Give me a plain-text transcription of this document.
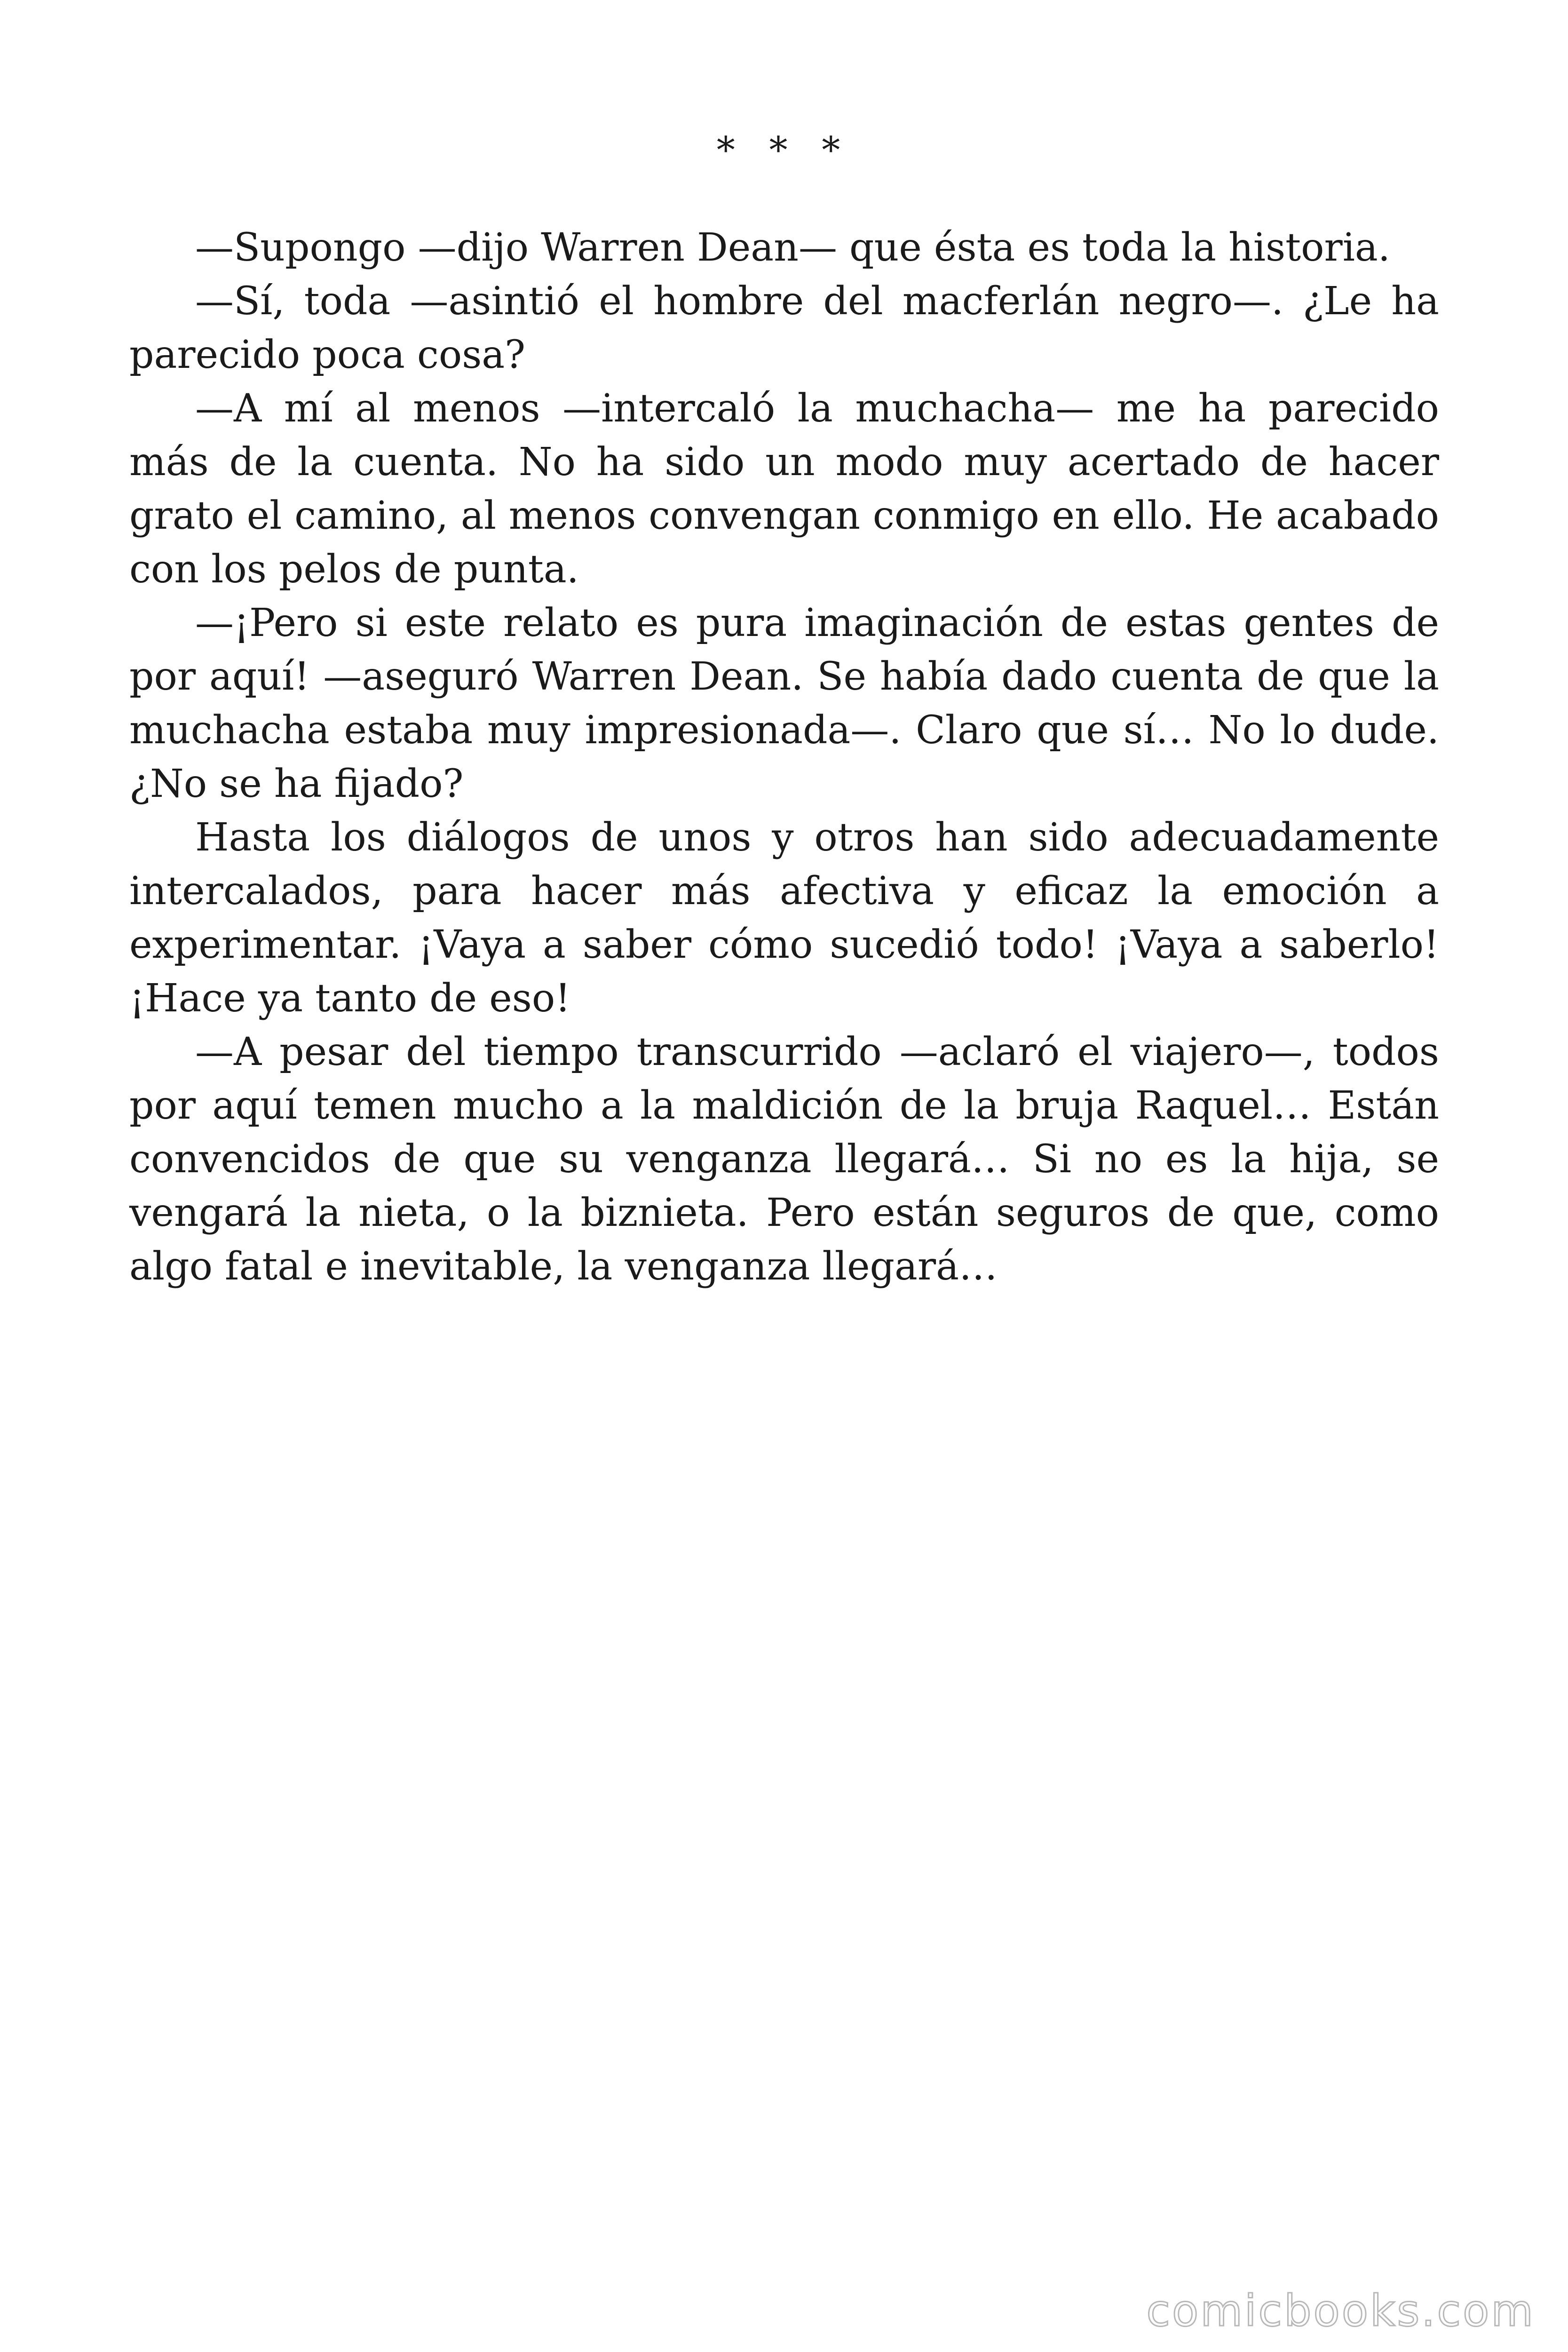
* * *

—Supongo —dijo Warren Dean— que ésta es toda la historia.

—Sí, toda —asintió el hombre del macferlán negro—. ¿Le ha parecido poca cosa?

—A mí al menos —intercaló la muchacha— me ha parecido más de la cuenta. No ha sido un modo muy acertado de hacer grato el camino, al menos convengan conmigo en ello. He acabado con los pelos de punta.

—¡Pero si este relato es pura imaginación de estas gentes de por aquí! —aseguró Warren Dean. Se había dado cuenta de que la muchacha estaba muy impresionada—. Claro que sí… No lo dude. ¿No se ha fijado?

Hasta los diálogos de unos y otros han sido adecuadamente intercalados, para hacer más afectiva y eficaz la emoción a experimentar. ¡Vaya a saber cómo sucedió todo! ¡Vaya a saberlo! ¡Hace ya tanto de eso!

—A pesar del tiempo transcurrido —aclaró el viajero—, todos por aquí temen mucho a la maldición de la bruja Raquel… Están convencidos de que su venganza llegará… Si no es la hija, se vengará la nieta, o la biznieta. Pero están seguros de que, como algo fatal e inevitable, la venganza llegará…

comicbooks.com
